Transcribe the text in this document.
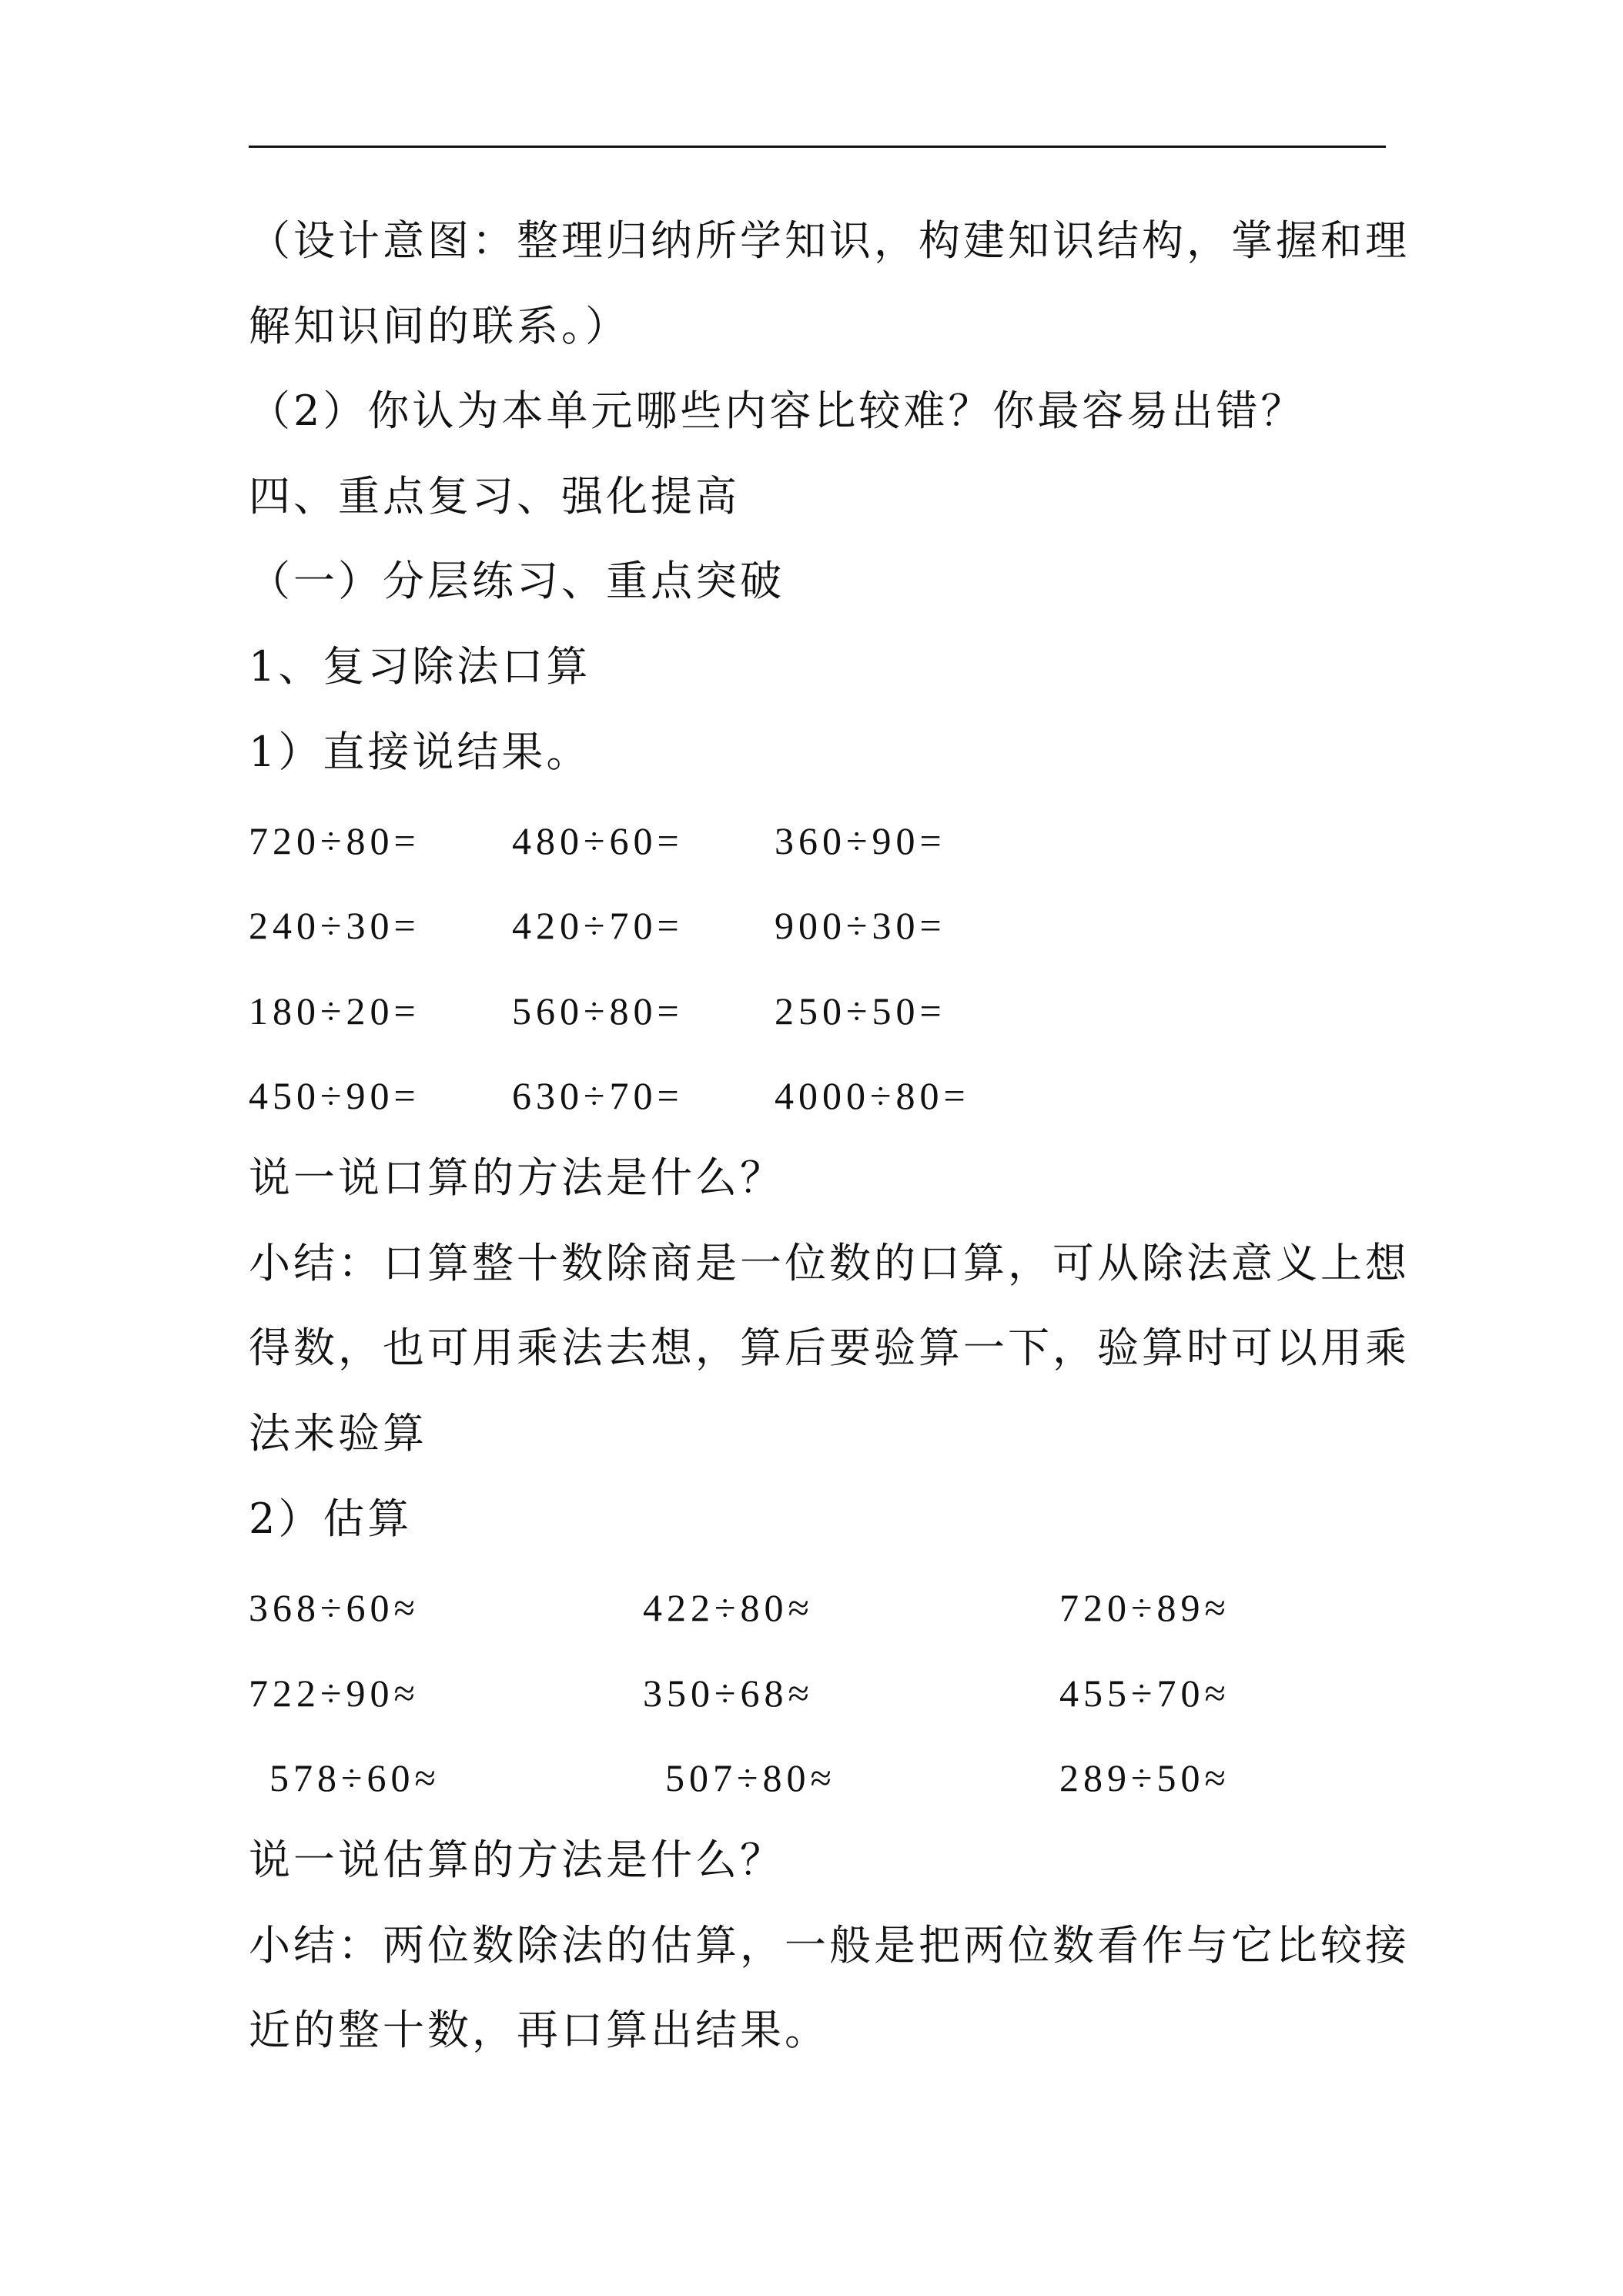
（设计意图：整理归纳所学知识，构建知识结构，掌握和理
解知识间的联系。）
（2）你认为本单元哪些内容比较难？你最容易出错？
四、重点复习、强化提高
（一）分层练习、重点突破
1、复习除法口算
1）直接说结果。
720÷80= 480÷60= 360÷90=
240÷30= 420÷70= 900÷30=
180÷20= 560÷80= 250÷50=
450÷90= 630÷70= 4000÷80=
说一说口算的方法是什么？
小结：口算整十数除商是一位数的口算，可从除法意义上想
得数，也可用乘法去想，算后要验算一下，验算时可以用乘
法来验算
2）估算
368÷60≈	422÷80≈	720÷89≈
722÷90≈	350÷68≈	455÷70≈
578÷60≈	507÷80≈	289÷50≈
说一说估算的方法是什么？
小结：两位数除法的估算，一般是把两位数看作与它比较接
近的整十数，再口算出结果。
